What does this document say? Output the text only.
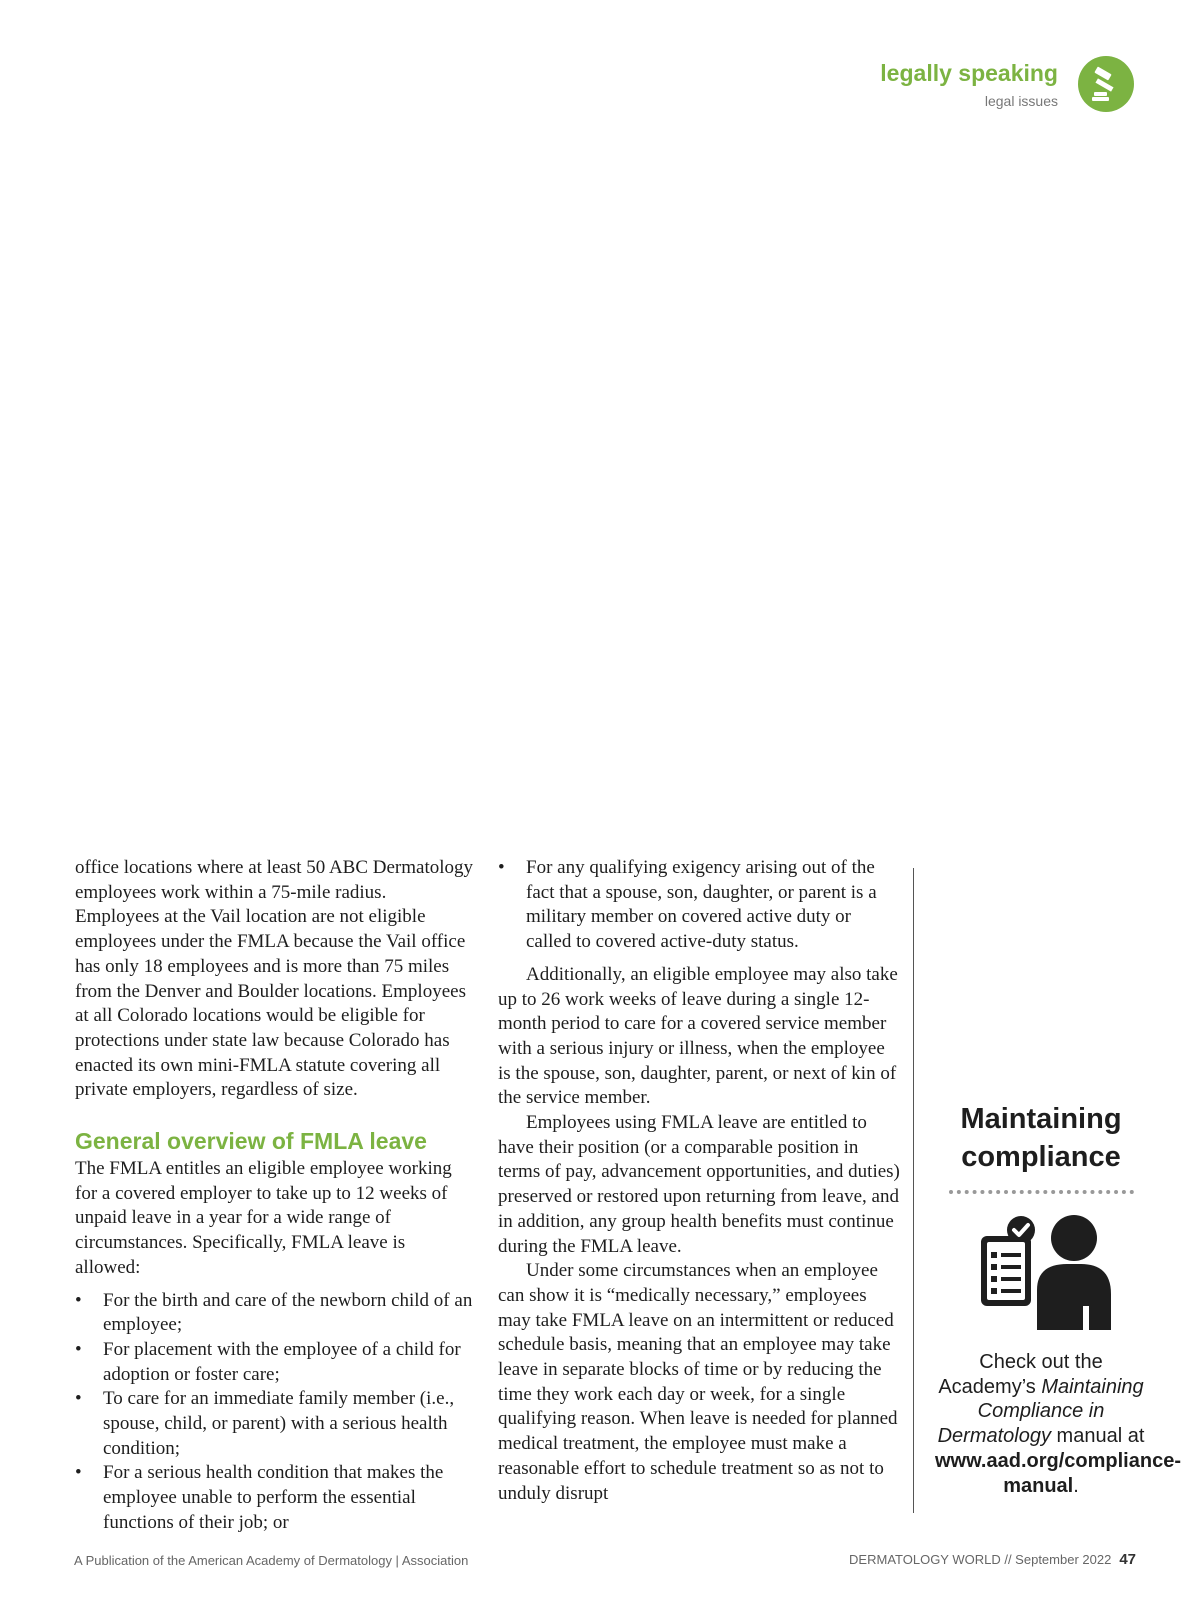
legally speaking
legal issues

office locations where at least 50 ABC Dermatology employees work within a 75-mile radius. Employees at the Vail location are not eligible employees under the FMLA because the Vail office has only 18 employees and is more than 75 miles from the Denver and Boulder locations. Employees at all Colorado locations would be eligible for protections under state law because Colorado has enacted its own mini-FMLA statute covering all private employers, regardless of size.

General overview of FMLA leave

The FMLA entitles an eligible employee working for a covered employer to take up to 12 weeks of unpaid leave in a year for a wide range of circumstances. Specifically, FMLA leave is allowed:

• For the birth and care of the newborn child of an employee;
• For placement with the employee of a child for adoption or foster care;
• To care for an immediate family member (i.e., spouse, child, or parent) with a serious health condition;
• For a serious health condition that makes the employee unable to perform the essential functions of their job; or
• For any qualifying exigency arising out of the fact that a spouse, son, daughter, or parent is a military member on covered active duty or called to covered active-duty status.

Additionally, an eligible employee may also take up to 26 work weeks of leave during a single 12-month period to care for a covered service member with a serious injury or illness, when the employee is the spouse, son, daughter, parent, or next of kin of the service member.

Employees using FMLA leave are entitled to have their position (or a comparable position in terms of pay, advancement opportunities, and duties) preserved or restored upon returning from leave, and in addition, any group health benefits must continue during the FMLA leave.

Under some circumstances when an employee can show it is “medically necessary,” employees may take FMLA leave on an intermittent or reduced schedule basis, meaning that an employee may take leave in separate blocks of time or by reducing the time they work each day or week, for a single qualifying reason. When leave is needed for planned medical treatment, the employee must make a reasonable effort to schedule treatment so as not to unduly disrupt

Maintaining compliance
Check out the Academy’s Maintaining Compliance in Dermatology manual at www.aad.org/compliance-manual.
A Publication of the American Academy of Dermatology | Association	DERMATOLOGY WORLD // September 2022 47
